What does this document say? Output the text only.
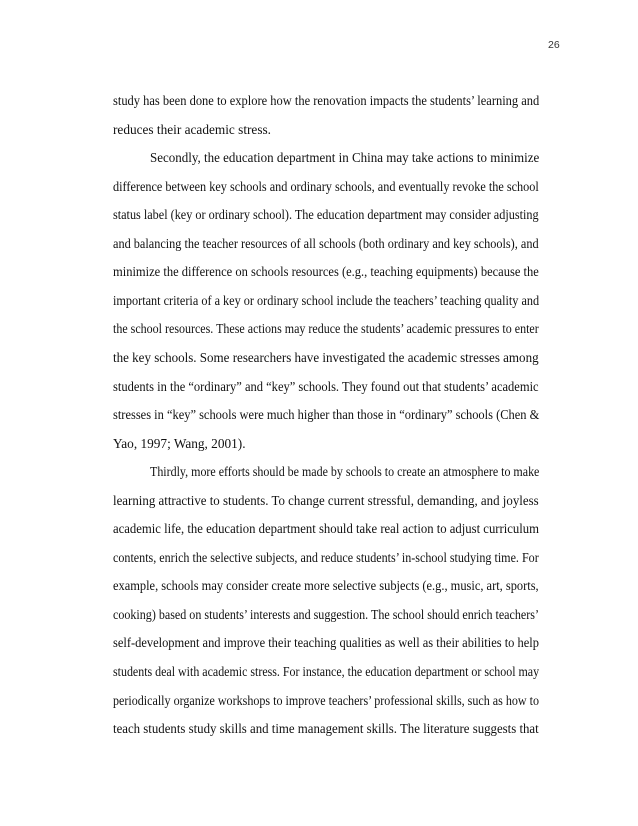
26
study has been done to explore how the renovation impacts the students’ learning and
reduces their academic stress.
Secondly, the education department in China may take actions to minimize
difference between key schools and ordinary schools, and eventually revoke the school
status label (key or ordinary school). The education department may consider adjusting
and balancing the teacher resources of all schools (both ordinary and key schools), and
minimize the difference on schools resources (e.g., teaching equipments) because the
important criteria of a key or ordinary school include the teachers’ teaching quality and
the school resources. These actions may reduce the students’ academic pressures to enter
the key schools. Some researchers have investigated the academic stresses among
students in the “ordinary” and “key” schools. They found out that students’ academic
stresses in “key” schools were much higher than those in “ordinary” schools (Chen &
Yao, 1997; Wang, 2001).
Thirdly, more efforts should be made by schools to create an atmosphere to make
learning attractive to students. To change current stressful, demanding, and joyless
academic life, the education department should take real action to adjust curriculum
contents, enrich the selective subjects, and reduce students’ in-school studying time. For
example, schools may consider create more selective subjects (e.g., music, art, sports,
cooking) based on students’ interests and suggestion. The school should enrich teachers’
self-development and improve their teaching qualities as well as their abilities to help
students deal with academic stress. For instance, the education department or school may
periodically organize workshops to improve teachers’ professional skills, such as how to
teach students study skills and time management skills. The literature suggests that
